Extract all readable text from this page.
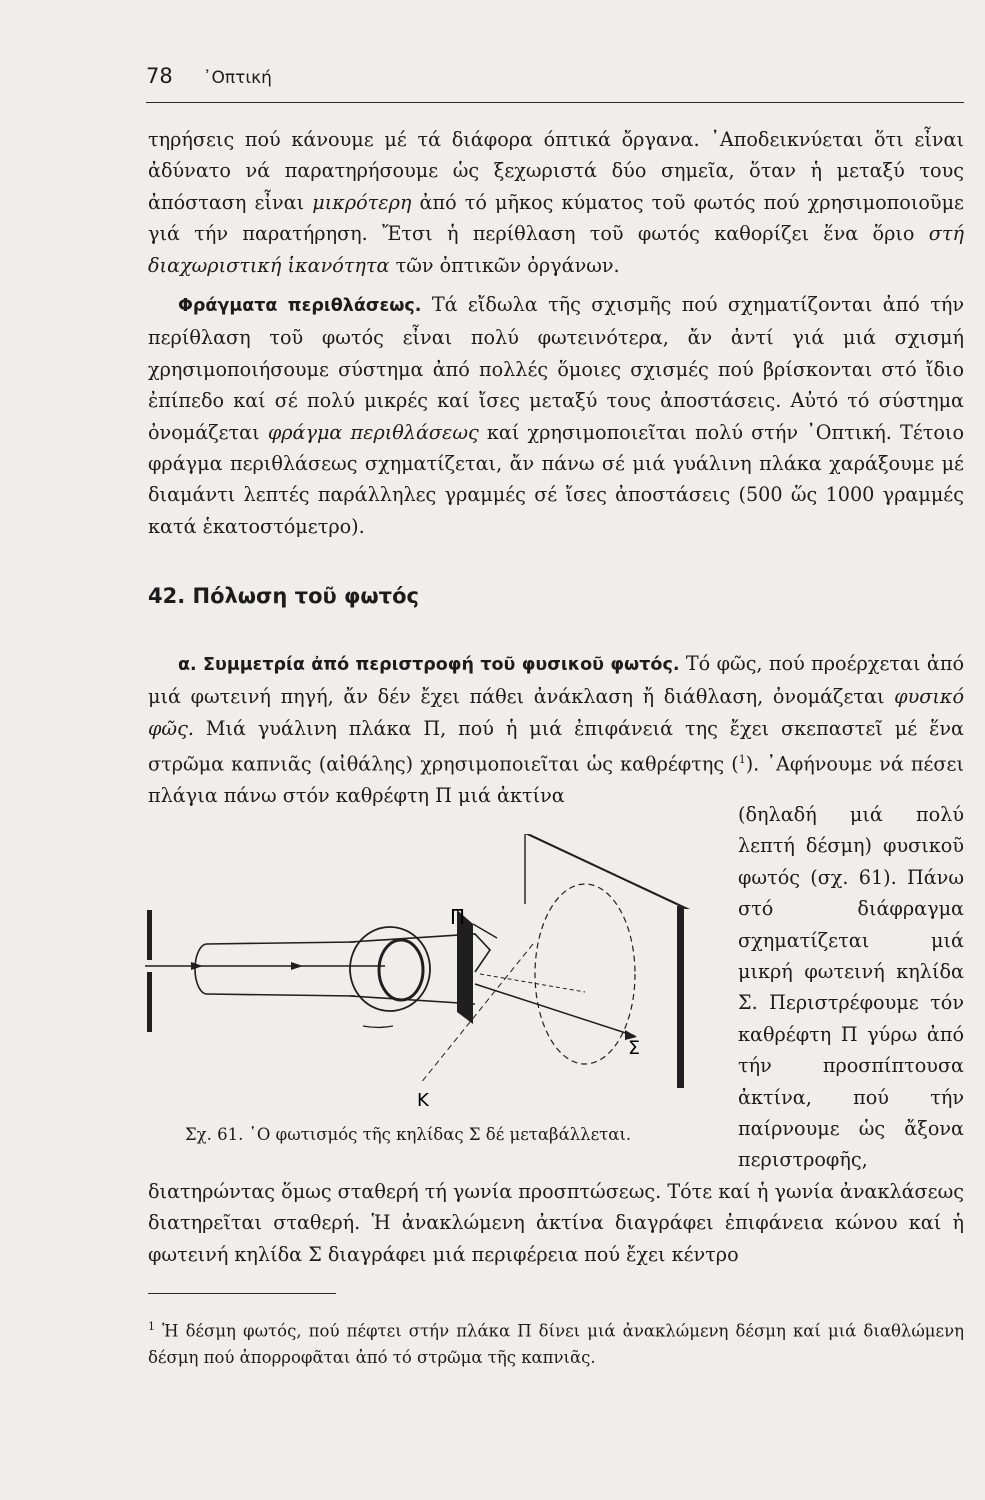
78 ᾿Οπτική

τηρήσεις πού κάνουμε μέ τά διάφορα όπτικά ὄργανα. ᾿Αποδεικνύεται ὅτι εἶναι ἀδύνατο νά παρατηρήσουμε ὡς ξεχωριστά δύο σημεῖα, ὅταν ἡ μεταξύ τους ἀπόσταση εἶναι μικρότερη ἀπό τό μῆκος κύματος τοῦ φωτός πού χρησιμοποιοῦμε γιά τήν παρατήρηση. Ἔτσι ἡ περίθλαση τοῦ φωτός καθορίζει ἕνα ὅριο στή διαχωριστική ἱκανότητα τῶν ὀπτικῶν ὀργάνων.

Φράγματα περιθλάσεως. Τά εἴδωλα τῆς σχισμῆς πού σχηματίζονται ἀπό τήν περίθλαση τοῦ φωτός εἶναι πολύ φωτεινότερα, ἄν ἀντί γιά μιά σχισμή χρησιμοποιήσουμε σύστημα ἀπό πολλές ὅμοιες σχισμές πού βρίσκονται στό ἴδιο ἐπίπεδο καί σέ πολύ μικρές καί ἴσες μεταξύ τους ἀποστάσεις. Αὐτό τό σύστημα ὀνομάζεται φράγμα περιθλάσεως καί χρησιμοποιεῖται πολύ στήν ᾿Οπτική. Τέτοιο φράγμα περιθλάσεως σχηματίζεται, ἄν πάνω σέ μιά γυάλινη πλάκα χαράξουμε μέ διαμάντι λεπτές παράλληλες γραμμές σέ ἴσες ἀποστάσεις (500 ὥς 1000 γραμμές κατά ἑκατοστόμετρο).

42. Πόλωση τοῦ φωτός

α. Συμμετρία ἀπό περιστροφή τοῦ φυσικοῦ φωτός. Τό φῶς, πού προέρχεται ἀπό μιά φωτεινή πηγή, ἄν δέν ἔχει πάθει ἀνάκλαση ἤ διάθλαση, ὀνομάζεται φυσικό φῶς. Μιά γυάλινη πλάκα Π, πού ἡ μιά ἐπιφάνειά της ἔχει σκεπαστεῖ μέ ἕνα στρῶμα καπνιᾶς (αἰθάλης) χρησιμοποιεῖται ὡς καθρέφτης ($^1$). ᾿Αφήνουμε νά πέσει πλάγια πάνω στόν καθρέφτη Π μιά ἀκτίνα

(δηλαδή μιά πολύ λεπτή δέσμη) φυσικοῦ φωτός (σχ. 61). Πάνω στό διάφραγμα σχηματίζεται μιά μικρή φωτεινή κηλίδα Σ. Περιστρέφουμε τόν καθρέφτη Π γύρω ἀπό τήν προσπίπτουσα ἀκτίνα, πού τήν παίρνουμε ὡς ἄξονα περιστροφῆς,

Π
Σ
Κ

Σχ. 61. ῾Ο φωτισμός τῆς κηλίδας Σ δέ μεταβάλλεται.

διατηρώντας ὅμως σταθερή τή γωνία προσπτώσεως. Τότε καί ἡ γωνία ἀνακλάσεως διατηρεῖται σταθερή. Ἡ ἀνακλώμενη ἀκτίνα διαγράφει ἐπιφάνεια κώνου καί ἡ φωτεινή κηλίδα Σ διαγράφει μιά περιφέρεια πού ἔχει κέντρο

$^1$ Ἡ δέσμη φωτός, πού πέφτει στήν πλάκα Π δίνει μιά ἀνακλώμενη δέσμη καί μιά διαθλώμενη δέσμη πού ἀπορροφᾶται ἀπό τό στρῶμα τῆς καπνιᾶς.
